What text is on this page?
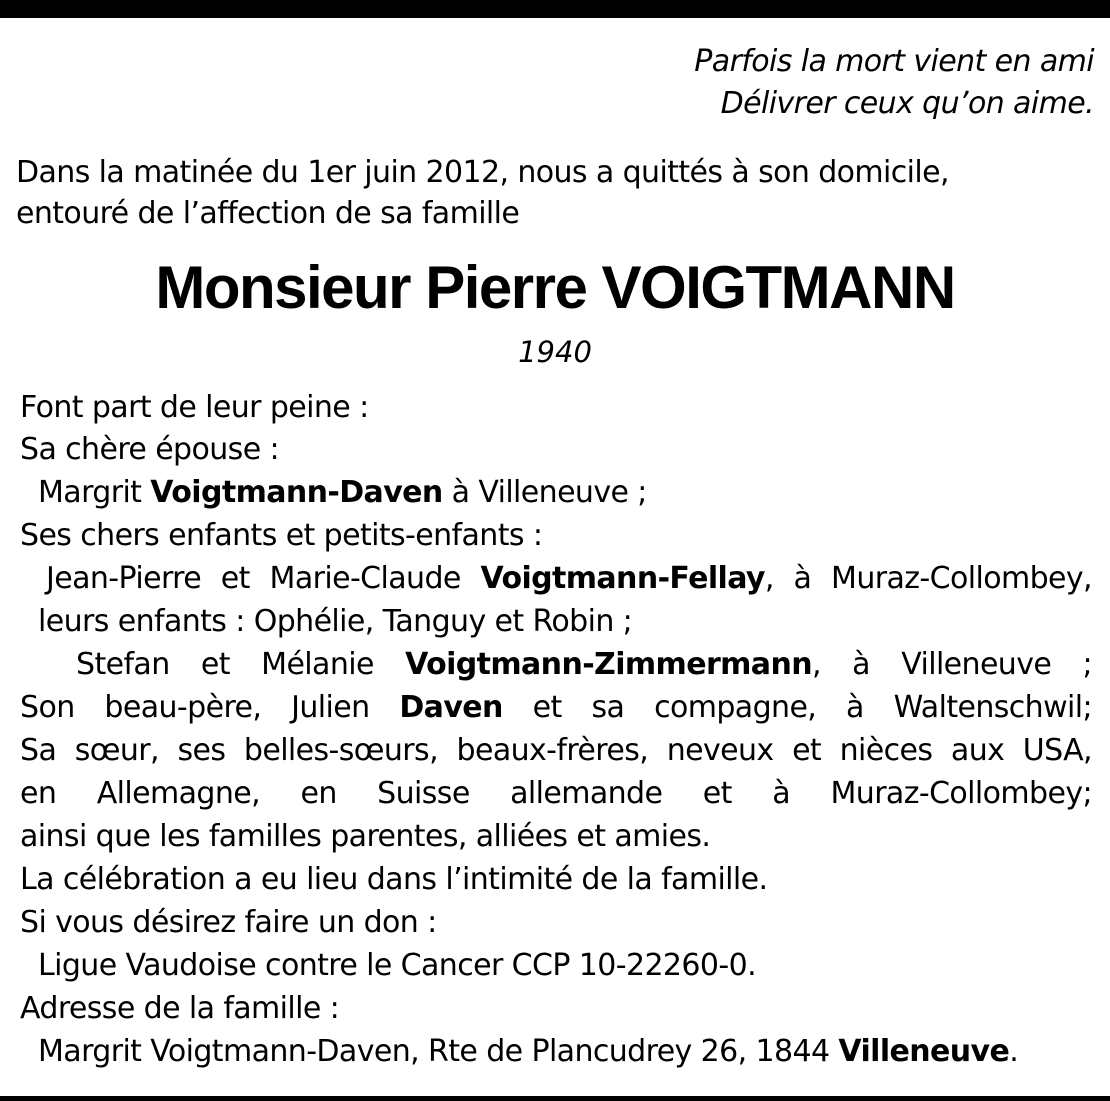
Parfois la mort vient en ami
Délivrer ceux qu’on aime.
Dans la matinée du 1er juin 2012, nous a quittés à son domicile,
entouré de l’affection de sa famille
Monsieur Pierre VOIGTMANN
1940
Font part de leur peine :
Sa chère épouse :
Margrit Voigtmann-Daven à Villeneuve ;
Ses chers enfants et petits-enfants :
Jean-Pierre et Marie-Claude Voigtmann-Fellay, à Muraz-Collombey,
leurs enfants : Ophélie, Tanguy et Robin ;
Stefan et Mélanie Voigtmann-Zimmermann, à Villeneuve ;
Son beau-père, Julien Daven et sa compagne, à Waltenschwil;
Sa sœur, ses belles-sœurs, beaux-frères, neveux et nièces aux USA,
en Allemagne, en Suisse allemande et à Muraz-Collombey;
ainsi que les familles parentes, alliées et amies.
La célébration a eu lieu dans l’intimité de la famille.
Si vous désirez faire un don :
Ligue Vaudoise contre le Cancer CCP 10-22260-0.
Adresse de la famille :
Margrit Voigtmann-Daven, Rte de Plancudrey 26, 1844 Villeneuve.
